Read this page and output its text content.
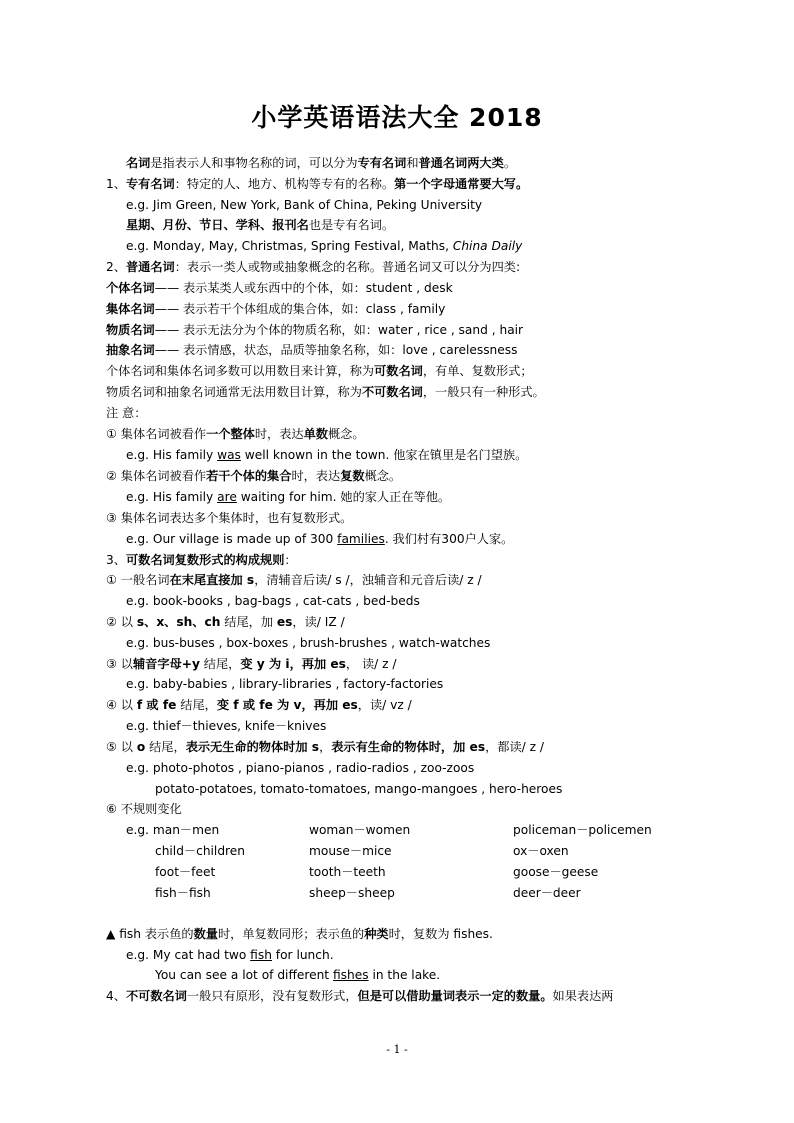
小学英语语法大全 2018
名词是指表示人和事物名称的词，可以分为专有名词和普通名词两大类。
1、专有名词：特定的人、地方、机构等专有的名称。第一个字母通常要大写。
e.g. Jim Green, New York, Bank of China, Peking University
星期、月份、节日、学科、报刊名也是专有名词。
e.g. Monday, May, Christmas, Spring Festival, Maths, China Daily
2、普通名词：表示一类人或物或抽象概念的名称。普通名词又可以分为四类:
个体名词—— 表示某类人或东西中的个体，如：student , desk
集体名词—— 表示若干个体组成的集合体，如：class , family
物质名词—— 表示无法分为个体的物质名称，如：water , rice , sand , hair
抽象名词—— 表示情感，状态，品质等抽象名称，如：love , carelessness
个体名词和集体名词多数可以用数目来计算，称为可数名词，有单、复数形式；
物质名词和抽象名词通常无法用数目计算，称为不可数名词，一般只有一种形式。
注 意：
① 集体名词被看作一个整体时，表达单数概念。
e.g. His family was well known in the town. 他家在镇里是名门望族。
② 集体名词被看作若干个体的集合时，表达复数概念。
e.g. His family are waiting for him. 她的家人正在等他。
③ 集体名词表达多个集体时，也有复数形式。
e.g. Our village is made up of 300 families. 我们村有300户人家。
3、可数名词复数形式的构成规则：
① 一般名词在末尾直接加 s，清辅音后读/ s /，浊辅音和元音后读/ z /
e.g. book-books , bag-bags , cat-cats , bed-beds
② 以 s、x、sh、ch 结尾，加 es，读/ IZ /
e.g. bus-buses , box-boxes , brush-brushes , watch-watches
③ 以辅音字母+y 结尾，变 y 为 i，再加 es， 读/ z /
e.g. baby-babies , library-libraries , factory-factories
④ 以 f 或 fe 结尾，变 f 或 fe 为 v，再加 es，读/ vz /
e.g. thief－thieves, knife－knives
⑤ 以 o 结尾，表示无生命的物体时加 s，表示有生命的物体时，加 es，都读/ z /
e.g. photo-photos , piano-pianos , radio-radios , zoo-zoos
potato-potatoes, tomato-tomatoes, mango-mangoes , hero-heroes
⑥ 不规则变化
▲ fish 表示鱼的数量时，单复数同形；表示鱼的种类时，复数为 fishes.
e.g. My cat had two fish for lunch.
You can see a lot of different fishes in the lake.
4、不可数名词一般只有原形，没有复数形式，但是可以借助量词表示一定的数量。如果表达两
e.g. man－men	woman－women	policeman－policemen
child－children	mouse－mice	ox－oxen
foot－feet	tooth－teeth	goose－geese
fish－fish	sheep－sheep	deer－deer
- 1 -
